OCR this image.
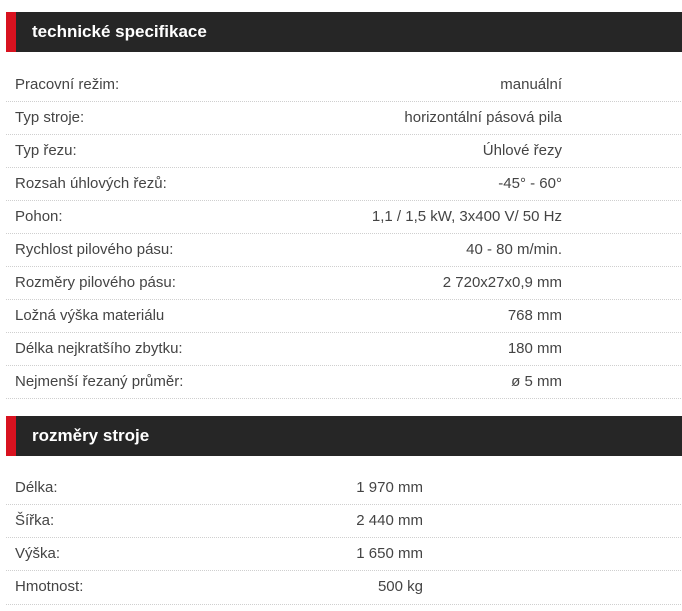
technické specifikace
Pracovní režim:	manuální
Typ stroje:	horizontální pásová pila
Typ řezu:	Úhlové řezy
Rozsah úhlových řezů:	-45° - 60°
Pohon:	1,1 / 1,5 kW, 3x400 V/ 50 Hz
Rychlost pilového pásu:	40 - 80 m/min.
Rozměry pilového pásu:	2 720x27x0,9 mm
Ložná výška materiálu	768 mm
Délka nejkratšího zbytku:	180 mm
Nejmenší řezaný průměr:	ø 5 mm
rozměry stroje
Délka:	1 970 mm
Šířka:	2 440 mm
Výška:	1 650 mm
Hmotnost:	500 kg
